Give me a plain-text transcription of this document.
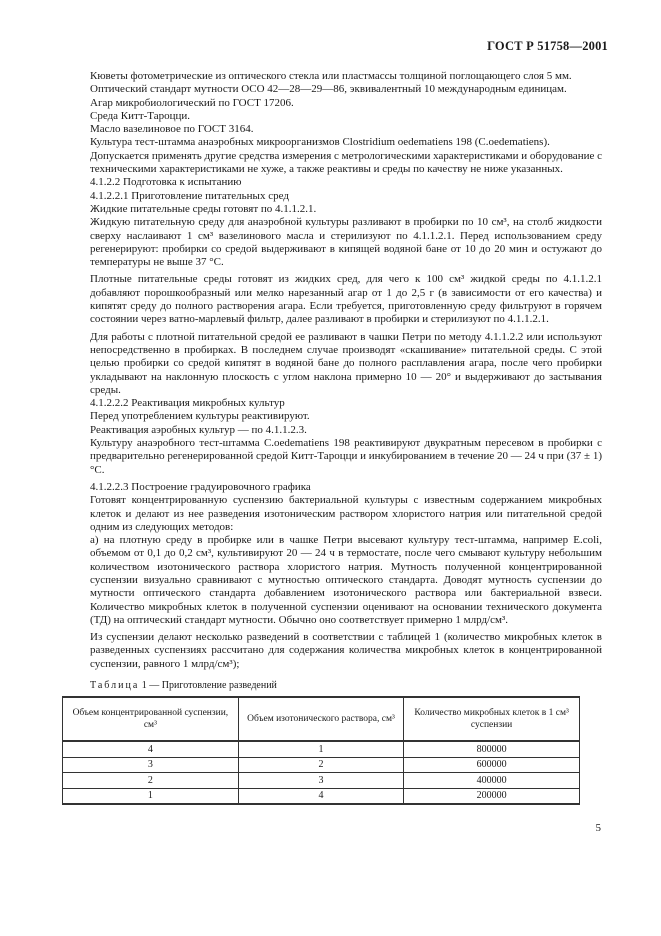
ГОСТ Р 51758—2001

Кюветы фотометрические из оптического стекла или пластмассы толщиной поглощающего слоя 5 мм.

Оптический стандарт мутности ОСО 42—28—29—86, эквивалентный 10 международным единицам.

Агар микробиологический по ГОСТ 17206.

Среда Китт-Тароцци.

Масло вазелиновое по ГОСТ 3164.

Культура тест-штамма анаэробных микроорганизмов Clostridium oedematiens 198 (C.oedematiens).

Допускается применять другие средства измерения с метрологическими характеристиками и оборудование с техническими характеристиками не хуже, а также реактивы и среды по качеству не ниже указанных.

4.1.2.2 Подготовка к испытанию

4.1.2.2.1 Приготовление питательных сред

Жидкие питательные среды готовят по 4.1.1.2.1.

Жидкую питательную среду для анаэробной культуры разливают в пробирки по 10 см³, на столб жидкости сверху наслаивают 1 см³ вазелинового масла и стерилизуют по 4.1.1.2.1. Перед использованием среду регенерируют: пробирки со средой выдерживают в кипящей водяной бане от 10 до 20 мин и остужают до температуры не выше 37 °С.

Плотные питательные среды готовят из жидких сред, для чего к 100 см³ жидкой среды по 4.1.1.2.1 добавляют порошкообразный или мелко нарезанный агар от 1 до 2,5 г (в зависимости от его качества) и кипятят среду до полного растворения агара. Если требуется, приготовленную среду фильтруют в горячем состоянии через ватно-марлевый фильтр, далее разливают в пробирки и стерилизуют по 4.1.1.2.1.

Для работы с плотной питательной средой ее разливают в чашки Петри по методу 4.1.1.2.2 или используют непосредственно в пробирках. В последнем случае производят «скашивание» питательной среды. С этой целью пробирки со средой кипятят в водяной бане до полного расплавления агара, после чего пробирки укладывают на наклонную плоскость с углом наклона примерно 10 — 20° и выдерживают до застывания среды.

4.1.2.2.2 Реактивация микробных культур

Перед употреблением культуры реактивируют.

Реактивация аэробных культур — по 4.1.1.2.3.

Культуру анаэробного тест-штамма C.oedematiens 198 реактивируют двукратным пересевом в пробирки с предварительно регенерированной средой Китт-Тароцци и инкубированием в течение 20 — 24 ч при (37 ± 1) °С.

4.1.2.2.3 Построение градуировочного графика

Готовят концентрированную суспензию бактериальной культуры с известным содержанием микробных клеток и делают из нее разведения изотоническим раствором хлористого натрия или питательной средой одним из следующих методов:

а) на плотную среду в пробирке или в чашке Петри высевают культуру тест-штамма, например E.coli, объемом от 0,1 до 0,2 см³, культивируют 20 — 24 ч в термостате, после чего смывают культуру небольшим количеством изотонического раствора хлористого натрия. Мутность полученной концентрированной суспензии визуально сравнивают с мутностью оптического стандарта. Доводят мутность суспензии до мутности оптического стандарта добавлением изотонического раствора или бактериальной взвеси. Количество микробных клеток в полученной суспензии оценивают на основании технического документа (ТД) на оптический стандарт мутности. Обычно оно соответствует примерно 1 млрд/см³.

Из суспензии делают несколько разведений в соответствии с таблицей 1 (количество микробных клеток в разведенных суспензиях рассчитано для содержания количества микробных клеток в концентрированной суспензии, равного 1 млрд/см³);

Таблица 1 — Приготовление разведений
Объем концентрированной суспензии, см³	Объем изотонического раствора, см³	Количество микробных клеток в 1 см³ суспензии
4	1	800000
3	2	600000
2	3	400000
1	4	200000
5
